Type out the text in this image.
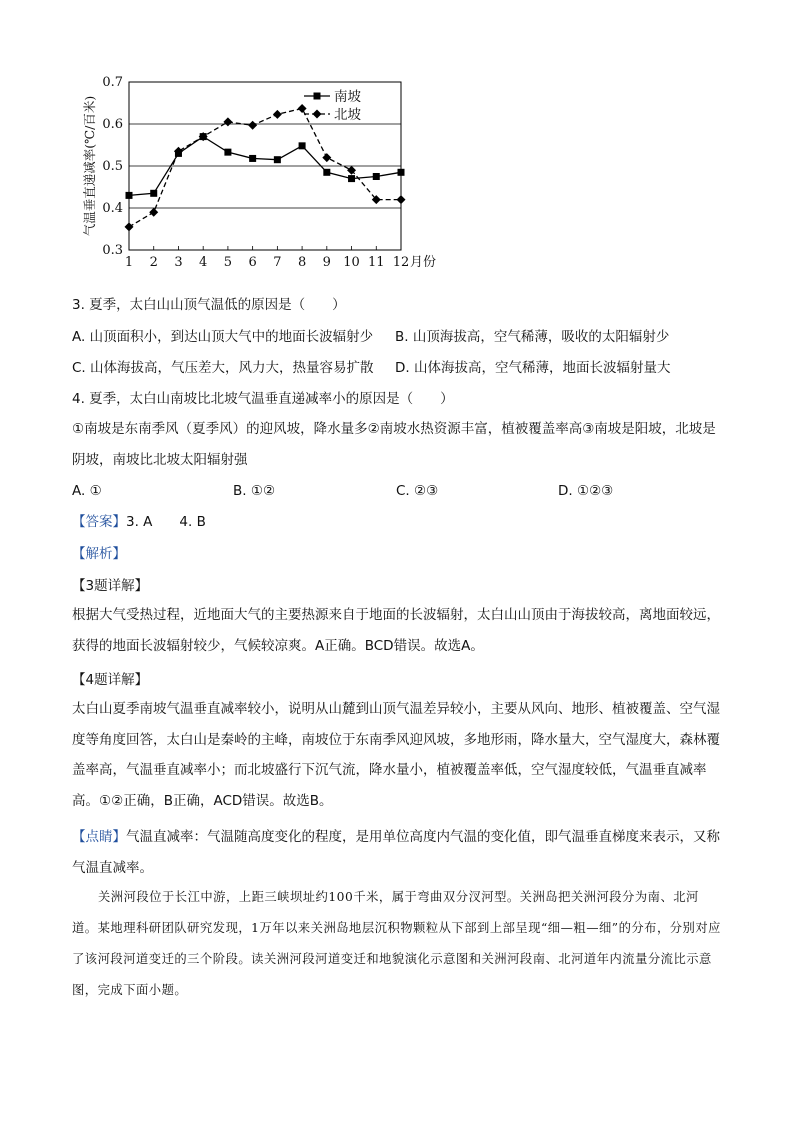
0.3
0.4
0.5
0.6
0.7
1 2 3 4 5 6 7 8 9 10 11 12 月份
气温垂直递减率(℃/百米)	南坡
北坡
3. 夏季，太白山山顶气温低的原因是（　　）
A. 山顶面积小，到达山顶大气中的地面长波辐射少 B. 山顶海拔高，空气稀薄，吸收的太阳辐射少
C. 山体海拔高，气压差大，风力大，热量容易扩散 D. 山体海拔高，空气稀薄，地面长波辐射量大
4. 夏季，太白山南坡比北坡气温垂直递减率小的原因是（　　）
①南坡是东南季风（夏季风）的迎风坡，降水量多②南坡水热资源丰富，植被覆盖率高③南坡是阳坡，北坡是阴坡，南坡比北坡太阳辐射强
A. ①	B. ①②	C. ②③	D. ①②③
【答案】3. A　　4. B
【解析】
【3题详解】
根据大气受热过程，近地面大气的主要热源来自于地面的长波辐射，太白山山顶由于海拔较高，离地面较远，获得的地面长波辐射较少，气候较凉爽。A正确。BCD错误。故选A。
【4题详解】
太白山夏季南坡气温垂直减率较小，说明从山麓到山顶气温差异较小，主要从风向、地形、植被覆盖、空气湿度等角度回答，太白山是秦岭的主峰，南坡位于东南季风迎风坡，多地形雨，降水量大，空气湿度大，森林覆盖率高，气温垂直减率小；而北坡盛行下沉气流，降水量小，植被覆盖率低，空气湿度较低，气温垂直减率高。①②正确，B正确，ACD错误。故选B。
【点睛】气温直减率：气温随高度变化的程度，是用单位高度内气温的变化值，即气温垂直梯度来表示，又称气温直减率。
关洲河段位于长江中游，上距三峡坝址约100千米，属于弯曲双分汊河型。关洲岛把关洲河段分为南、北河道。某地理科研团队研究发现，1万年以来关洲岛地层沉积物颗粒从下部到上部呈现“细—粗—细”的分布，分别对应了该河段河道变迁的三个阶段。读关洲河段河道变迁和地貌演化示意图和关洲河段南、北河道年内流量分流比示意图，完成下面小题。
